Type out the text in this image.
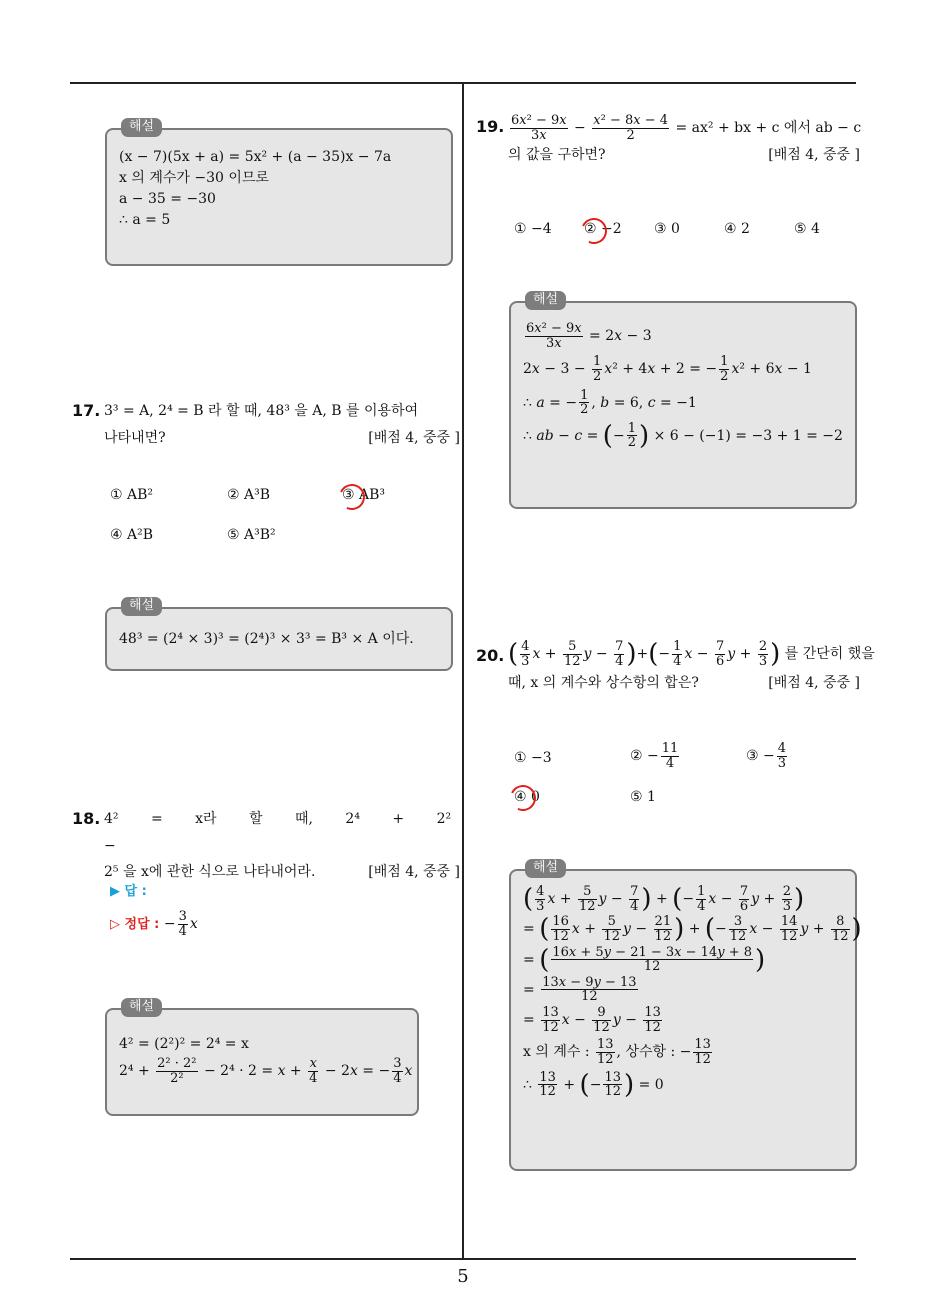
5
해설
(x − 7)(5x + a) = 5x² + (a − 35)x − 7a
x 의 계수가 −30 이므로
a − 35 = −30
∴ a = 5
17. 3³ = A, 2⁴ = B 라 할 때, 48³ 을 A, B 를 이용하여
나타내면?	[배점 4, 중중 ]
① AB²	② A³B	③ AB³
④ A²B	⑤ A³B²
해설
48³ = (2⁴ × 3)³ = (2⁴)³ × 3³ = B³ × A 이다.
18. 4² = x라 할 때, 2⁴ + 2² −
2⁵ 을 x에 관한 식으로 나타내어라.	[배점 4, 중중 ]
▶ 답 :
▷ 정답 : − $\frac{3}{4}$ x
해설
4² = (2²)² = 2⁴ = x
$2^4 + \frac{\text{2² · 2²}}{\text{2²}} - 2^4 \cdot 2 = x + \frac{x}{4} - 2x$ = − $\frac{3}{4}$ x
19. $\frac{\text{6x² − 9x}}{3x} - \frac{\text{x² − 8x − 4}}{2} = ax^2$ + bx + c 에서 ab − c
의 값을 구하면?	[배점 4, 중중 ]
① −4 ② −2 ③ 0	④ 2	⑤ 4
해설
$\frac{\text{6x² − 9x}}{3x} = 2x - 3$
$2x - 3 - \frac{1}{2} x^2 + 4x + 2$ = − $\frac{1}{2} x^2 + 6x - 1$
∴ a = − $\frac{1}{2}$ , b = 6, c = −1
∴ ab − c = (− $\frac{1}{2}$ ) × 6 − (−1) = −3 + 1 = −2
20. ( $\frac{4}{3}$ $x + \frac{5}{12}$ $y - \frac{7}{4}$ )+(− $\frac{1}{4}$ $x - \frac{7}{6}$ $y + \frac{2}{3}$ ) 를 간단히 했을
때, x 의 계수와 상수항의 합은?	[배점 4, 중중 ]
① −3	② − $\frac{11}{4}$	③ − $\frac{4}{3}$
④ 0	⑤ 1
해설
( $\frac{4}{3}$ $x + \frac{5}{12}$ $y - \frac{7}{4}$ ) + (− $\frac{1}{4}$ $x - \frac{7}{6}$ $y + \frac{2}{3}$ )
= ( $\frac{16}{12}$ $x + \frac{5}{12}$ $y - \frac{21}{12}$ ) + (− $\frac{3}{12}$ $x - \frac{14}{12}$ $y + \frac{8}{12}$ )
= ( $\frac{16x + 5y - 21 - 3x - 14y + 8}{12}$ )
= $\frac{13x - 9y - 13}{12}$
= $\frac{13}{12}$ $x - \frac{9}{12}$ $y - \frac{13}{12}$
x 의 계수 : $\frac{13}{12}$ , 상수항 : − $\frac{13}{12}$
∴ $\frac{13}{12}$ + (− $\frac{13}{12}$ ) = 0
